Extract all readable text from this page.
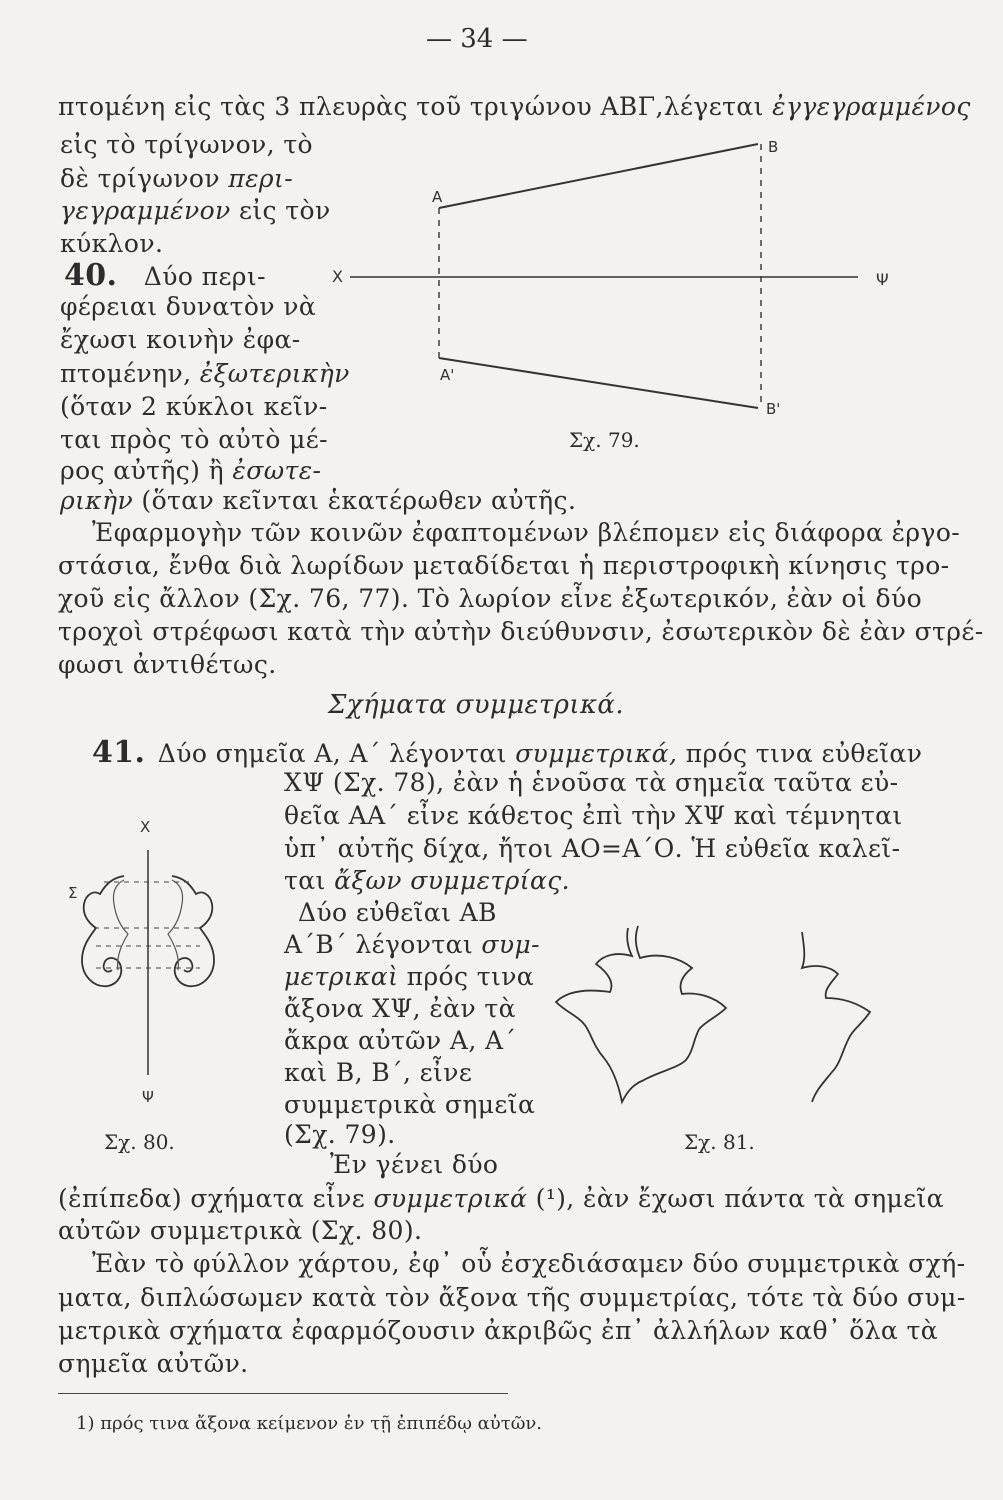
— 34 —
πτομένη εἰς τὰς 3 πλευρὰς τοῦ τριγώνου ΑΒΓ,λέγεται ἐγγεγραμμένος
εἰς τὸ τρίγωνον, τὸ
δὲ τρίγωνον περι-
γεγραμμένον εἰς τὸν
κύκλον.
40. Δύο περι-
φέρειαι δυνατὸν νὰ
ἔχωσι κοινὴν ἐφα-
πτομένην, ἐξωτερικὴν
(ὅταν 2 κύκλοι κεῖν-
ται πρὸς τὸ αὐτὸ μέ-
ρος αὐτῆς) ἢ ἐσωτε-
ρικὴν (ὅταν κεῖνται ἑκατέρωθεν αὐτῆς.
Ἐφαρμογὴν τῶν κοινῶν ἐφαπτομένων βλέπομεν εἰς διάφορα ἐργο-
στάσια, ἔνθα διὰ λωρίδων μεταδίδεται ἡ περιστροφικὴ κίνησις τρο-
χοῦ εἰς ἄλλον (Σχ. 76, 77). Τὸ λωρίον εἶνε ἐξωτερικόν, ἐὰν οἱ δύο
τροχοὶ στρέφωσι κατὰ τὴν αὐτὴν διεύθυνσιν, ἐσωτερικὸν δὲ ἐὰν στρέ-
φωσι ἀντιθέτως.
Σχήματα συμμετρικά.
41. Δύο σημεῖα Α, Α΄ λέγονται συμμετρικά, πρός τινα εὐθεῖαν
ΧΨ (Σχ. 78), ἐὰν ἡ ἑνοῦσα τὰ σημεῖα ταῦτα εὐ-
θεῖα ΑΑ΄ εἶνε κάθετος ἐπὶ τὴν ΧΨ καὶ τέμνηται
ὑπ᾽ αὐτῆς δίχα, ἤτοι ΑΟ=Α΄Ο. Ἡ εὐθεῖα καλεῖ-
ται ἄξων συμμετρίας.
Δύο εὐθεῖαι ΑΒ
Α΄Β΄ λέγονται συμ-
μετρικαὶ πρός τινα
ἄξονα ΧΨ, ἐὰν τὰ
ἄκρα αὐτῶν Α, Α΄
καὶ Β, Β΄, εἶνε
συμμετρικὰ σημεῖα
(Σχ. 79).
Ἐν γένει δύο
(ἐπίπεδα) σχήματα εἶνε συμμετρικά (¹), ἐὰν ἔχωσι πάντα τὰ σημεῖα
αὐτῶν συμμετρικὰ (Σχ. 80).
Ἐὰν τὸ φύλλον χάρτου, ἐφ᾽ οὗ ἐσχεδιάσαμεν δύο συμμετρικὰ σχή-
ματα, διπλώσωμεν κατὰ τὸν ἄξονα τῆς συμμετρίας, τότε τὰ δύο συμ-
μετρικὰ σχήματα ἐφαρμόζουσιν ἀκριβῶς ἐπ᾽ ἀλλήλων καθ᾽ ὅλα τὰ
σημεῖα αὐτῶν.
1) πρός τινα ἄξονα κείμενον ἐν τῇ ἐπιπέδῳ αὐτῶν.
A
B
A'
B'
X	Ψ
Σχ. 79.
X
Σ
Ψ
Σχ. 80.	Σχ. 81.
